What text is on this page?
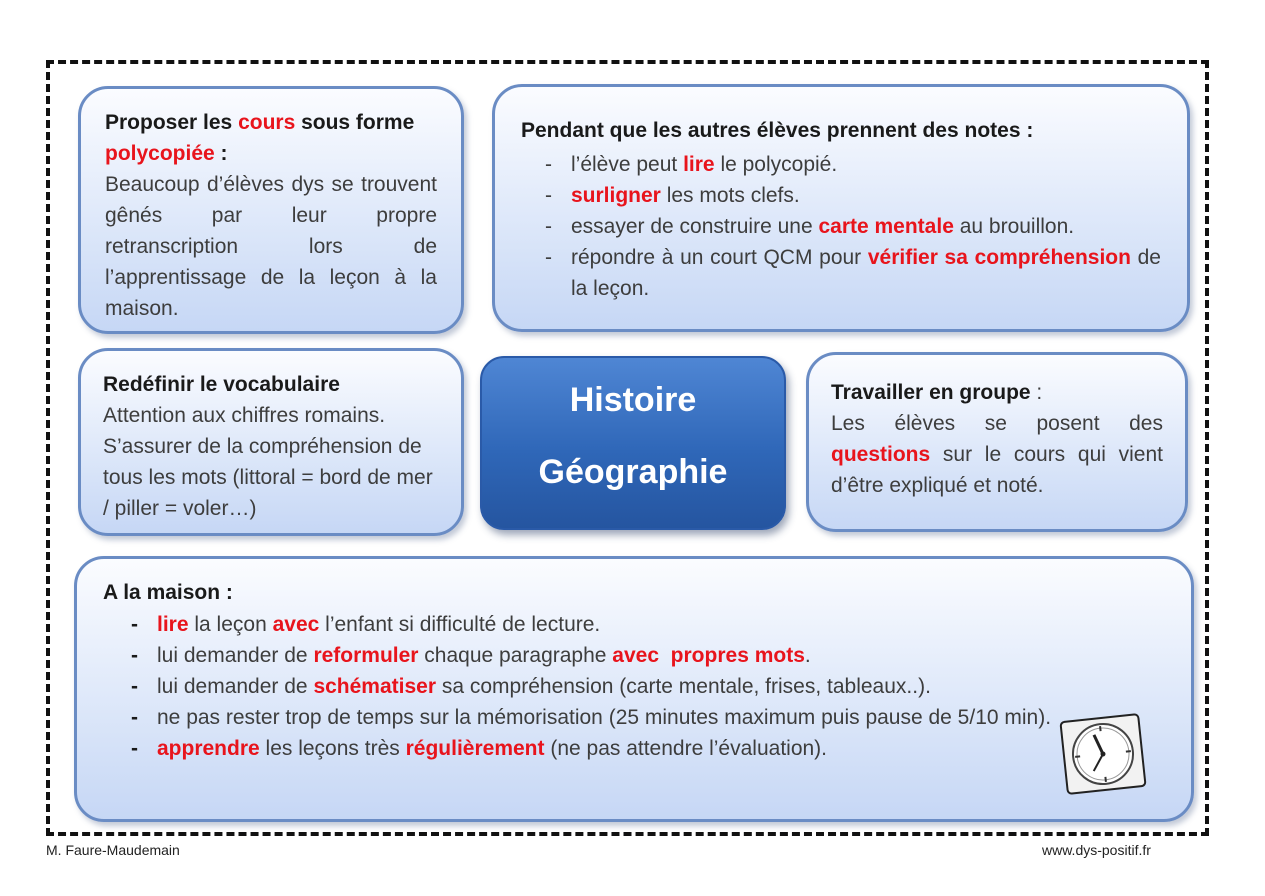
Proposer les cours sous forme
polycopiée :
Beaucoup d’élèves dys se trouvent gênés par leur propre retranscription lors de l’apprentissage de la leçon à la maison.
Pendant que les autres élèves prennent des notes :
- l’élève peut lire le polycopié.
- surligner les mots clefs.
- essayer de construire une carte mentale au brouillon.
- répondre à un court QCM pour vérifier sa compréhension de la leçon.
Redéfinir le vocabulaire
Attention aux chiffres romains.
S’assurer de la compréhension de tous les mots (littoral = bord de mer / piller = voler…)
Histoire
Géographie
Travailler en groupe :
Les élèves se posent des questions sur le cours qui vient d’être expliqué et noté.
A la maison :
- lire la leçon avec l’enfant si difficulté de lecture.
- lui demander de reformuler chaque paragraphe avec  propres mots.
- lui demander de schématiser sa compréhension (carte mentale, frises, tableaux..).
- ne pas rester trop de temps sur la mémorisation (25 minutes maximum puis pause de 5/10 min).
- apprendre les leçons très régulièrement (ne pas attendre l’évaluation).
M. Faure-Maudemain	www.dys-positif.fr
